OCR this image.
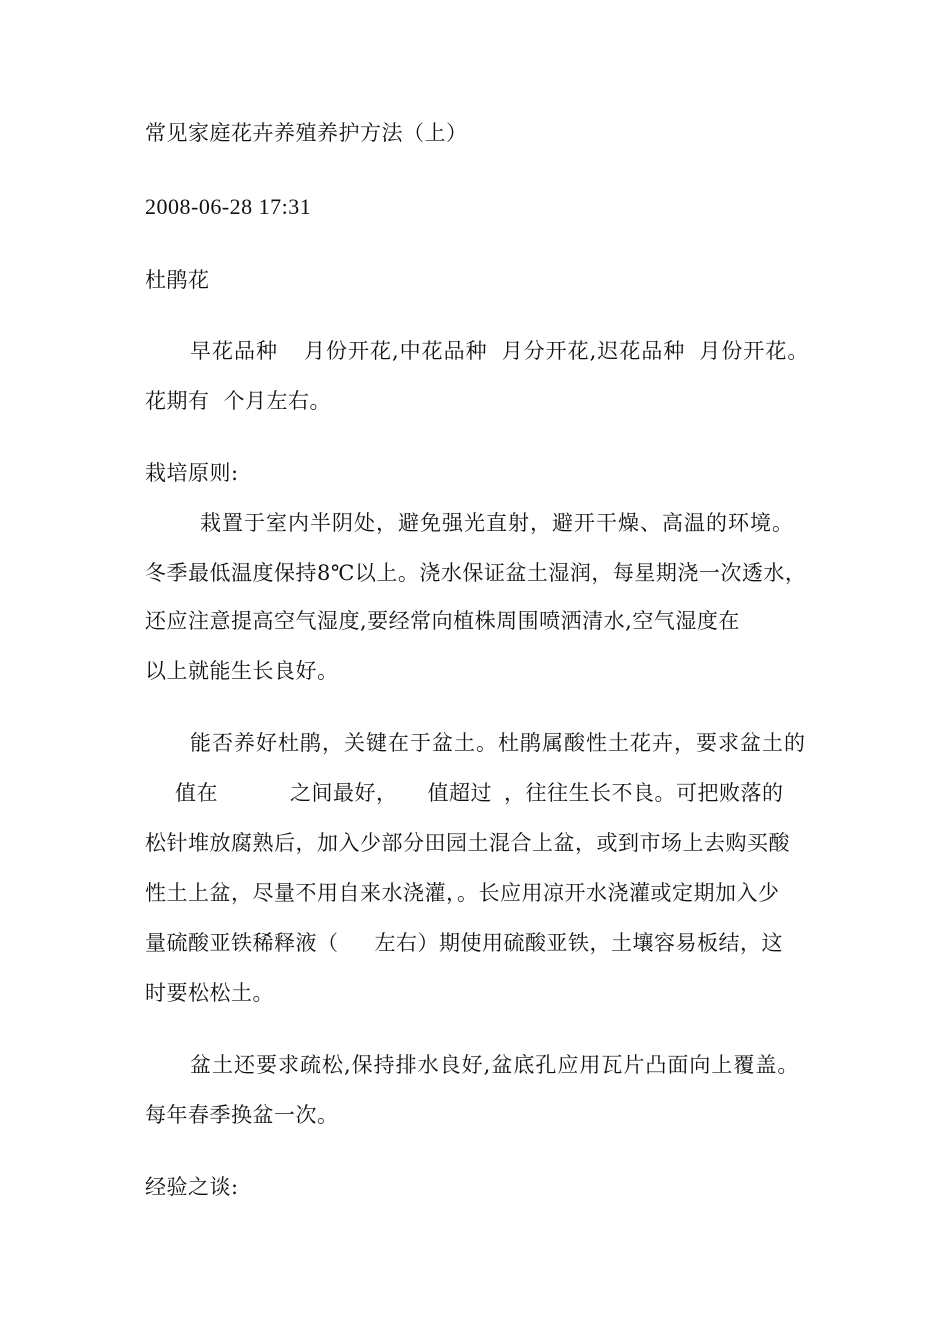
常见家庭花卉养殖养护方法（上）
2008-06-28 17:31
杜鹃花
早花品种 月份开花,中花品种 月分开花,迟花品种 月份开花。
花期有 个月左右。
栽培原则:
栽置于室内半阴处，避免强光直射，避开干燥、高温的环境。
冬季最低温度保持8℃以上。浇水保证盆土湿润，每星期浇一次透水，
还应注意提高空气湿度,要经常向植株周围喷洒清水,空气湿度在
以上就能生长良好。
能否养好杜鹃，关键在于盆土。杜鹃属酸性土花卉，要求盆土的
值在	之间最好， 值超过 ，往往生长不良。可把败落的
松针堆放腐熟后，加入少部分田园土混合上盆，或到市场上去购买酸
性土上盆，尽量不用自来水浇灌，。长应用凉开水浇灌或定期加入少
量硫酸亚铁稀释液（ 左右）期使用硫酸亚铁，土壤容易板结，这
时要松松土。
盆土还要求疏松,保持排水良好,盆底孔应用瓦片凸面向上覆盖。
每年春季换盆一次。
经验之谈:
